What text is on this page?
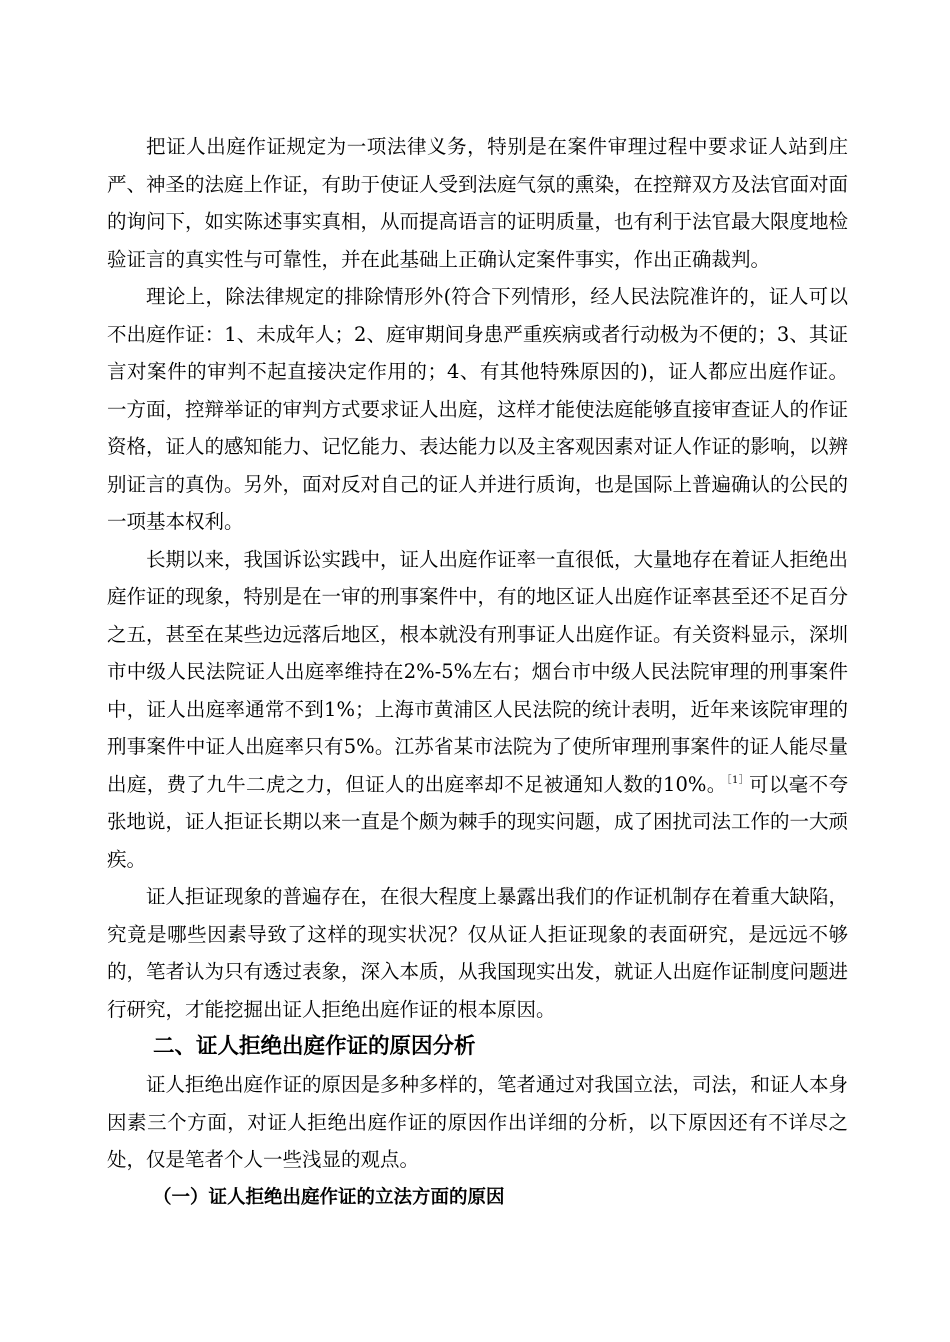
把证人出庭作证规定为一项法律义务，特别是在案件审理过程中要求证人站到庄严、神圣的法庭上作证，有助于使证人受到法庭气氛的熏染，在控辩双方及法官面对面的询问下，如实陈述事实真相，从而提高语言的证明质量，也有利于法官最大限度地检验证言的真实性与可靠性，并在此基础上正确认定案件事实，作出正确裁判。

理论上，除法律规定的排除情形外(符合下列情形，经人民法院准许的，证人可以不出庭作证：1、未成年人；2、庭审期间身患严重疾病或者行动极为不便的；3、其证言对案件的审判不起直接决定作用的；4、有其他特殊原因的)，证人都应出庭作证。一方面，控辩举证的审判方式要求证人出庭，这样才能使法庭能够直接审查证人的作证资格，证人的感知能力、记忆能力、表达能力以及主客观因素对证人作证的影响，以辨别证言的真伪。另外，面对反对自己的证人并进行质询，也是国际上普遍确认的公民的一项基本权利。

长期以来，我国诉讼实践中，证人出庭作证率一直很低，大量地存在着证人拒绝出庭作证的现象，特别是在一审的刑事案件中，有的地区证人出庭作证率甚至还不足百分之五，甚至在某些边远落后地区，根本就没有刑事证人出庭作证。有关资料显示，深圳市中级人民法院证人出庭率维持在2%-5%左右；烟台市中级人民法院审理的刑事案件中，证人出庭率通常不到1%；上海市黄浦区人民法院的统计表明，近年来该院审理的刑事案件中证人出庭率只有5%。江苏省某市法院为了使所审理刑事案件的证人能尽量出庭，费了九牛二虎之力，但证人的出庭率却不足被通知人数的10%。$^{[1]}$可以毫不夸张地说，证人拒证长期以来一直是个颇为棘手的现实问题，成了困扰司法工作的一大顽疾。

证人拒证现象的普遍存在，在很大程度上暴露出我们的作证机制存在着重大缺陷，究竟是哪些因素导致了这样的现实状况？仅从证人拒证现象的表面研究，是远远不够的，笔者认为只有透过表象，深入本质，从我国现实出发，就证人出庭作证制度问题进行研究，才能挖掘出证人拒绝出庭作证的根本原因。

二、证人拒绝出庭作证的原因分析

证人拒绝出庭作证的原因是多种多样的，笔者通过对我国立法，司法，和证人本身因素三个方面，对证人拒绝出庭作证的原因作出详细的分析，以下原因还有不详尽之处，仅是笔者个人一些浅显的观点。

（一）证人拒绝出庭作证的立法方面的原因
